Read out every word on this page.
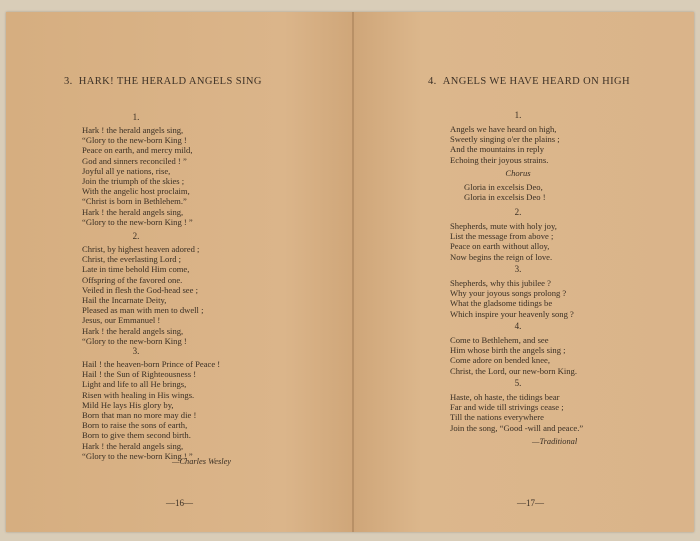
3. HARK! THE HERALD ANGELS SING
1.
Hark ! the herald angels sing,
“Glory to the new-born King !
Peace on earth, and mercy mild,
God and sinners reconciled ! ”
Joyful all ye nations, rise,
Join the triumph of the skies ;
With the angelic host proclaim,
“Christ is born in Bethlehem.”
Hark ! the herald angels sing,
“Glory to the new-born King ! ”
2.
Christ, by highest heaven adored ;
Christ, the everlasting Lord ;
Late in time behold Him come,
Offspring of the favored one.
Veiled in flesh the God-head see ;
Hail the Incarnate Deity,
Pleased as man with men to dwell ;
Jesus, our Emmanuel !
Hark ! the herald angels sing,
“Glory to the new-born King !
3.
Hail ! the heaven-born Prince of Peace !
Hail ! the Sun of Righteousness !
Light and life to all He brings,
Risen with healing in His wings.
Mild He lays His glory by,
Born that man no more may die !
Born to raise the sons of earth,
Born to give them second birth.
Hark ! the herald angels sing,
“Glory to the new-born King ! ”
—Charles Wesley
—16—
4. ANGELS WE HAVE HEARD ON HIGH
1.
Angels we have heard on high,
Sweetly singing o'er the plains ;
And the mountains in reply
Echoing their joyous strains.
Chorus
Gloria in excelsis Deo,
Gloria in excelsis Deo !
2.
Shepherds, mute with holy joy,
List the message from above ;
Peace on earth without alloy,
Now begins the reign of love.
3.
Shepherds, why this jubilee ?
Why your joyous songs prolong ?
What the gladsome tidings be
Which inspire your heavenly song ?
4.
Come to Bethlehem, and see
Him whose birth the angels sing ;
Come adore on bended knee,
Christ, the Lord, our new-born King.
5.
Haste, oh haste, the tidings bear
Far and wide till strivings cease ;
Till the nations everywhere
Join the song, “Good -will and peace.”
—Traditional
—17—
